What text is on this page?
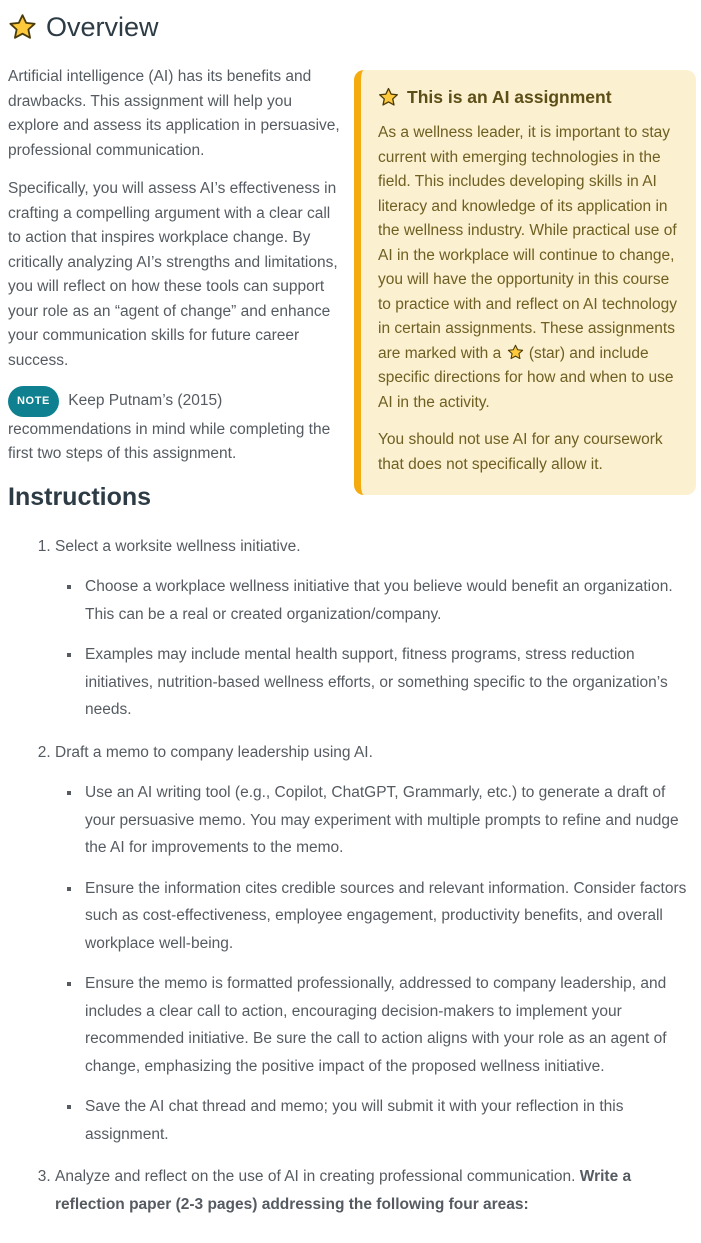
Overview

Artificial intelligence (AI) has its benefits and drawbacks. This assignment will help you explore and assess its application in persuasive, professional communication.

Specifically, you will assess AI’s effectiveness in crafting a compelling argument with a clear call to action that inspires workplace change. By critically analyzing AI’s strengths and limitations, you will reflect on how these tools can support your role as an “agent of change” and enhance your communication skills for future career success.

NOTE Keep Putnam’s (2015) recommendations in mind while completing the first two steps of this assignment.

Instructions
This is an AI assignment

As a wellness leader, it is important to stay current with emerging technologies in the field. This includes developing skills in AI literacy and knowledge of its application in the wellness industry. While practical use of AI in the workplace will continue to change, you will have the opportunity in this course to practice with and reflect on AI technology in certain assignments. These assignments are marked with a (star) and include specific directions for how and when to use AI in the activity.

You should not use AI for any coursework that does not specifically allow it.

1. Select a worksite wellness initiative.
▪ Choose a workplace wellness initiative that you believe would benefit an organization. This can be a real or created organization/company.
▪ Examples may include mental health support, fitness programs, stress reduction initiatives, nutrition-based wellness efforts, or something specific to the organization’s needs.
2. Draft a memo to company leadership using AI.
▪ Use an AI writing tool (e.g., Copilot, ChatGPT, Grammarly, etc.) to generate a draft of your persuasive memo. You may experiment with multiple prompts to refine and nudge the AI for improvements to the memo.
▪ Ensure the information cites credible sources and relevant information. Consider factors such as cost-effectiveness, employee engagement, productivity benefits, and overall workplace well-being.
▪ Ensure the memo is formatted professionally, addressed to company leadership, and includes a clear call to action, encouraging decision-makers to implement your recommended initiative. Be sure the call to action aligns with your role as an agent of change, emphasizing the positive impact of the proposed wellness initiative.
▪ Save the AI chat thread and memo; you will submit it with your reflection in this assignment.
3. Analyze and reflect on the use of AI in creating professional communication. Write a reflection paper (2-3 pages) addressing the following four areas:
